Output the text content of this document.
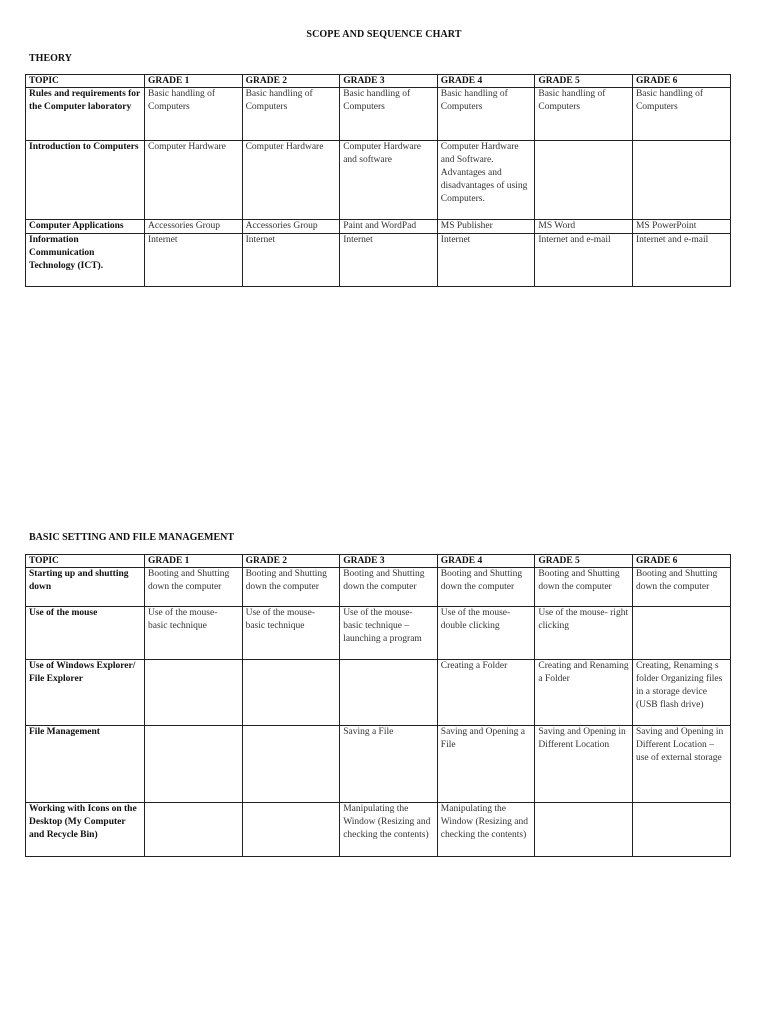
SCOPE AND SEQUENCE CHART
THEORY
TOPIC	GRADE 1	GRADE 2	GRADE 3	GRADE 4	GRADE 5	GRADE 6
Rules and requirements for the Computer laboratory	Basic handling of Computers	Basic handling of Computers	Basic handling of Computers	Basic handling of Computers	Basic handling of Computers	Basic handling of Computers
Introduction to Computers	Computer Hardware	Computer Hardware	Computer Hardware and software	Computer Hardware and Software. Advantages and disadvantages of using Computers.		
Computer Applications	Accessories Group	Accessories Group	Paint and WordPad	MS Publisher	MS Word	MS PowerPoint
Information Communication Technology (ICT).	Internet	Internet	Internet	Internet	Internet and e-mail	Internet and e-mail
BASIC SETTING AND FILE MANAGEMENT
TOPIC	GRADE 1	GRADE 2	GRADE 3	GRADE 4	GRADE 5	GRADE 6
Starting up and shutting down	Booting and Shutting down the computer	Booting and Shutting down the computer	Booting and Shutting down the computer	Booting and Shutting down the computer	Booting and Shutting down the computer	Booting and Shutting down the computer
Use of the mouse	Use of the mouse- basic technique	Use of the mouse- basic technique	Use of the mouse- basic technique – launching a program	Use of the mouse- double clicking	Use of the mouse- right clicking	
Use of Windows Explorer/ File Explorer				Creating a Folder	Creating and Renaming a Folder	Creating, Renaming s folder Organizing files in a storage device (USB flash drive)
File Management			Saving a File	Saving and Opening a File	Saving and Opening in Different Location	Saving and Opening in Different Location – use of external storage
Working with Icons on the Desktop (My Computer and Recycle Bin)			Manipulating the Window (Resizing and checking the contents)	Manipulating the Window (Resizing and checking the contents)		
